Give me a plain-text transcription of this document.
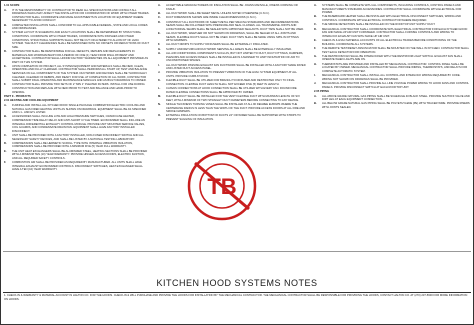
1.01 SCOPE
A.	IT IS THE RESPONSIBILITY OF CONTRACTOR TO READ ALL SPECIFICATIONS AND CONSULT ALL DRAWINGS WHICH MAY AFFECT THE INSTALLATION OR COORDINATION OF WORK WITH OTHER TRADES. CONTRACTOR SHALL COORDINATE AND MAKE ADJUSTMENTS IN LOCATION OF EQUIPMENT WHERE NECESSARY TO AVOID CONFLICT.
B.	COMPLETED INSTALLATION SHALL CONFORM TO ALL APPLICABLE FEDERAL, STATE AND LOCAL CODES AND ORDINANCES.
C.	SYSTEM LAYOUT IS SCHEMATIC AND EXACT LOCATIONS SHALL BE DETERMINED BY STRUCTURAL CONDITIONS. COORDINATE WITH OTHER TRADES, COORDINATE WITH FINISHES AND OTHER CONDITIONS. STRUCTURAL SUPPORTS SHALL NOT BE CUT OR ALTERED TO ALLOW FIT OF HVAC SYSTEM. THE DUCT CLEARANCES SHALL BE MAINTAINED WITH NO OFFSETS OR REDUCTIONS OF DUCT SIZE.
D.	CONTRACTOR SHALL BE RESPONSIBLE FOR ALL DEFECTS, REPAIRS AND REPLACEMENTS IN MATERIALS AND WORKMANSHIP FOR A PERIOD OF ONE (1) YEAR FROM FINAL PAYMENT AND ACCEPTANCE. CONTRACTOR SHALL HONOR FACTORY WARRANTIES ON ALL EQUIPMENT PROVIDED AS PART OF THIS SYSTEM.
E.	UPON COMPLETION OF PROJECT, ALL SYSTEM EQUIPMENT AND MATERIALS SHALL BE NEW, CLEAN, OPERATING AND FULLY CHARGED. CONTRACTOR SHALL PERFORM ALL START UP, TEST AND BALANCE SERVICES ON ALL COMPONENTS OF THE SYSTEM. DUCTWORK AND DEVICES SHALL BE THOROUGHLY CLEANED, CLEARED OF DEBRIS, AND READY FOR USE. AT COMPLETION OF ALL WORK, CONTRACTOR SHALL SUBMIT FINAL OPERATING AND MAINTENANCE MANUALS AND AS BUILT DRAWINGS TO OWNER.
F.	CONTRACTOR SHALL PROVIDE TWO SETS OF 2" MIN 1" PLEATED FILTERS. INSTALL FOR USE DURING CONSTRUCTION AND REPLACE WITH NEW PRIOR TO TEST AND BALANCE AND HAND-PRIOR TO OPENING.
PART II - PRODUCTS
2.01 HEATING AND COOLING EQUIPMENT
A.	FURNISH AND INSTALL ALL KITCHEN ROOF SINGLE PACKAGE COMBINATION ELECTRIC COOLING AND NATURAL GAS FIRED HEATING UNITS AS SHOWN ON DRAWINGS. EQUIPMENT SHALL BE AS SPECIFIED AND U.L. AND ETL LISTED.
B.	ACCESSORIES SHALL INCLUDE LOW AND HIGH PRESSURE SWITCHES, CRANKCASE HEATER, COMPRESSOR TIME DELAY RELAY AND ANTI-SHORT CYCLE TIMER. ECONOMIZER SHALL INCLUDE AN INTEGRAL DIFFERENTIAL ENTHALPY CONTROL MODULE. PROVIDE UNIT MOUNTED SERVICE VALVES, COIL GUARDS, AND CONDENSATE DRAIN PAN. EQUIPMENT SHALL HAVE FACTORY INSTALLED DISCONNECT.
C.	UNIT SHALL BE PROVIDED WITH A FACTORY INSTALLED, NON-FUSED DISCONNECT SWITCH AND ALL NECESSARY SAFETY DEVICES, AND SHALL BE LISTED BY A NATIONAL TESTING LABORATORY.
D.	COMPRESSORS SHALL BE HERMETIC SCROLL TYPE WITH INTERNAL VIBRATION ISOLATION, COMPRESSORS SHALL BE PROVIDED WITH A MINIMUM FIVE (5) YEAR FULL WARRANTY.
E.	THE UNIT HEAT EXCHANGERS SHALL BE ALUMINIZED STEEL, HEATING SECTIONS SHALL BE PROVIDED WITH A MINIMUM TEN (10) YEAR WARRANTY. PROVIDE HINGED ACCESS DOORS, ELECTRIC IGNITION, AND ALL REQUIRED SAFETY CONTROLS.
F.	COMBUSTION AIR SHALL BE PROVIDED AS REQUIRED BY MANUFACTURER. ALL UNITS SHALL HAVE INTEGRAL EXHAUST ECONOMIZER CONTROLS. DISCONNECT SWITCHES, HEAT EXCHANGER SHALL HAVE A TEN (10) YEAR WARRANTY.
A.	ACCEPTABLE MANUFACTURERS OF INSULATION SHALL BE: JOHNS MANVILLE, OWENS CORNING OR KNAUF.
B.	ALL DUCTWORK SHALL BE SHEET METAL UNLESS NOTED OTHERWISE (U.N.O.).
C.	DUCT DIMENSIONS SHOWN ARE INSIDE CLEAR DIMENSIONS (U.N.O.).
D.	CONSTRUCT ALL DUCTWORK OF SHEET METAL PER SMACNA STANDARDS AND RECOMMENDATIONS. SEAMS SHALL BE FOLLOWED WITH PRESSURE AND SEAL CLASSES. ALL TRANSVERSE JOINTS AND LONGITUDINAL SEAMS SHALL BE SEALED WITH APPROVED SEALANTS. DUCT TAPE SHALL NOT BE USED.
E.	ALL DUCTWORK, WHETHER OR NOT SHOWN ON DRAWINGS, SHALL BE SEALED AT ALL JOINTS AND SEAMS. FLEXIBLE DUCTS SHALL NOT BE USED. DUCT TAPS SHALL BE MADE USING SPIN-IN FITTINGS WITH DAMPERS.
F.	ALL DUCT DROPS TO SUPPLY DIFFUSERS SHALL BE EXTERNALLY INSULATED.
G.	SUPPLY AND RETURN AIR DUCTWORK SERVING ALL AREAS SHALL BE EXTERNALLY INSULATED.
H.	ALL AIR CONDITIONING COMPONENTS SUCH AS, BUT NOT LIMITED TO DUCT, DUCT FITTINGS, DAMPERS, PLENUMS AND ACCESS PANELS SHALL BE INSTALLED IN A MANNER TO LIMIT INFILTRATION OF AIR TO UNCONDITIONED SPACES.
I.	ALL DUCTWORK PASSING EXHAUST FAN DUCTWORK SHALL BE INSTALLED WITH A FACTORY MADE RATED AND LISTED DUCT ACCESS PANEL.
J.	PROVIDE VIBRATION ISOLATION TO PREVENT VIBRATION OF THE HVAC SYSTEM EQUIPMENT AT ALL UNITS. PROVIDE CURB AT ROOF.
K.	FLEXIBLE DUCT SHALL BE UTILIZED FOR BRANCH TO DIFFUSER AND RESTRICTED ONLY TO FINAL CONNECTION. FLEXIBLE DUCT LENGTH SHALL NOT EXCEED FIVE (5) FEET IN LENGTH.
L.	CANVAS CONNECTIONS AT HOOD CONNECTION SHALL BE UTILIZED WITH EVERY FAN. ROUND FIRE RATED FLEXIBLE CONNECTIONS SHALL BE APPROVED BY OWNER.
M.	FLEXIBLE DUCT SHALL BE INSTALLED FOR THE VENT FLEXIBLE DUCT WITH MAXIMUM LENGTH OF SIX FEET, WITH A MINIMUM OF TWO STRAIGHT DUCT DIAMETERS BEFORE CONNECTING TO ANY DEVICE.
N.	SINGLE THICKNESS TURNING VANES SHALL BE INSTALLED AT ALL 90 DEGREE ELBOWS WHERE THE CENTERLINE RADIUS IS LESS THAN THE WIDTH OF THE DUCT. PROVIDE ACCESS DOORS AT ALL FIRE AND SMOKE DAMPERS.
O.	EXTERNAL INSULATION ON BOTTOM OF DUCTS 24" OR WIDER SHALL BE SUPPORTED WITH STRIPS TO PREVENT SAGGING OF INSULATION.
A.	SYSTEMS SHALL BE COMPLETE WITH ALL COMPONENTS, INCLUDING CONTROLS, CONTROL PANELS AND MANUFACTURER'S STANDARD ACCESSORIES. CONTRACTOR SHALL COORDINATE WITH ELECTRICAL FOR POWER.
B.	THE BASEBOARD HEATER SHALL BE INSTALLED WITH ELECTRICAL DISCONNECT SWITCHES, WIRING AND CONTROLS. COORDINATE WITH ELECTRICAL CONTRACTOR WHERE REQUIRED.
C.	THE SMOKE DETECTORS SHALL BE INSTALLED ON THE ROOFTOP UNIT SUPPLY DUCT.
D.	MECHANICAL CONTRACTOR SHALL COORDINATE WITH ELECTRICAL CONTRACTOR FOR EACH KITCHEN HOOD FAN AND MAKE-UP AIR UNIT FURNISHED. CONTRACTOR SHALL FURNISH CONTROLS AND WIRING TO INTERLOCK EXHAUST FAN WITH MAKE-UP AIR UNIT.
E.	CHECK-IN & HVAC MATERIAL ACCOUNTS OF ALL ELECTRICAL TRADES BEFORE CONDITIONING OF THE BUILDING. COORDINATE ALL SYSTEMS.
F.	THE REMOTE TEST/RESET ANNUNCIATOR SHALL BE MOUNTED ON THE WALL IN KITCHEN. CONTRACTOR SHALL TEST EACH DETECTOR FOR OPERATION.
G.	THE RESTROOM FAN SHALL BE INTERLOCKED WITH THE RESTROOM LIGHT SWITCH. EXHAUST FAN SHALL OPERATE WHEN LIGHTS ARE ON.
H.	THERMOSTATS ARE PROVIDED AND INSTALLED BY MECHANICAL CONTRACTOR. CONTROL PANEL SHALL BE LOCATED BY OWNER. MECHANICAL CONTRACTOR SHALL PROVIDE WIRING, THERMOSTATS, AND RELAYS FOR COMPLETE AUTOMATIC SYSTEM.
I.	MECHANICAL CONTRACTOR SHALL INSTALL ALL CONTROL AND INTERLOCK WIRING REQUIRED BY CODE. WIRING NOT SHOWN ON DRAWINGS SHALL BE PROVIDED.
J.	MECHANICAL CONTRACTOR SHALL PROVIDE ALL LINE VOLTAGE POWER WIRING TO HOOD FANS AND CONTROL PANELS. PROVIDE DISCONNECT SWITCH AT EACH ROOFTOP UNIT.
2.05 PIPING
A.	ALL ABOVE GRADE NATURAL GAS PIPING SHALL BE SCHEDULE 40 BLACK STEEL. PROVIDE SHUTOFF VALVE AND DIRT LEG AT EACH EQUIPMENT CONNECTION.
B.	ALL BELOW GRADE NATURAL GAS PIPING SHALL BE POLYETHYLENE (PE) WITH TRACER WIRE. PROVIDE RISERS WITH JOINTS SEALED.
TB
KITCHEN HOOD SYSTEMS NOTES
1. CHECK-IN & WARRANTY & MATERIAL ACCOUNT IN HALTON CO. FOR THE HOODS. CHECK-IN & WILL PURCHASE AND PROVIDE THE HOODS FOR INSTALLATION BY THE MECHANICAL CONTRACTOR. THE MECHANICAL CONTRACTOR SHALL BE RESPONSIBLE FOR PROVIDING THE HOODS, CONTACT HALTON CO. AT (270) 237-5600 FOR MORE INFORMATION ON HOODS.
